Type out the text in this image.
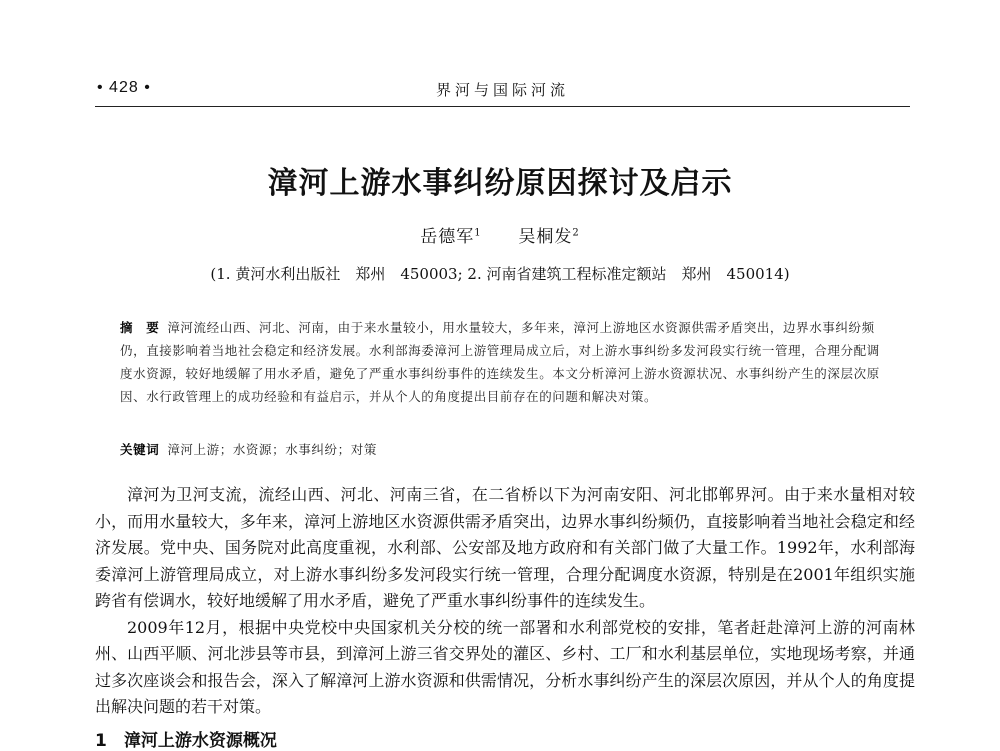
• 428 •	界河与国际河流
漳河上游水事纠纷原因探讨及启示
岳德军$^1$ 吴桐发$^2$
(1. 黄河水利出版社　郑州　450003; 2. 河南省建筑工程标准定额站　郑州　450014)
摘　要 漳河流经山西、河北、河南，由于来水量较小，用水量较大，多年来，漳河上游地区水资源供需矛盾突出，边界水事纠纷频仍，直接影响着当地社会稳定和经济发展。水利部海委漳河上游管理局成立后，对上游水事纠纷多发河段实行统一管理，合理分配调度水资源，较好地缓解了用水矛盾，避免了严重水事纠纷事件的连续发生。本文分析漳河上游水资源状况、水事纠纷产生的深层次原因、水行政管理上的成功经验和有益启示，并从个人的角度提出目前存在的问题和解决对策。
关键词 漳河上游；水资源；水事纠纷；对策

漳河为卫河支流，流经山西、河北、河南三省，在二省桥以下为河南安阳、河北邯郸界河。由于来水量相对较小，而用水量较大，多年来，漳河上游地区水资源供需矛盾突出，边界水事纠纷频仍，直接影响着当地社会稳定和经济发展。党中央、国务院对此高度重视，水利部、公安部及地方政府和有关部门做了大量工作。1992年，水利部海委漳河上游管理局成立，对上游水事纠纷多发河段实行统一管理，合理分配调度水资源，特别是在2001年组织实施跨省有偿调水，较好地缓解了用水矛盾，避免了严重水事纠纷事件的连续发生。

2009年12月，根据中央党校中央国家机关分校的统一部署和水利部党校的安排，笔者赶赴漳河上游的河南林州、山西平顺、河北涉县等市县，到漳河上游三省交界处的灌区、乡村、工厂和水利基层单位，实地现场考察，并通过多次座谈会和报告会，深入了解漳河上游水资源和供需情况，分析水事纠纷产生的深层次原因，并从个人的角度提出解决问题的若干对策。

1　漳河上游水资源概况
